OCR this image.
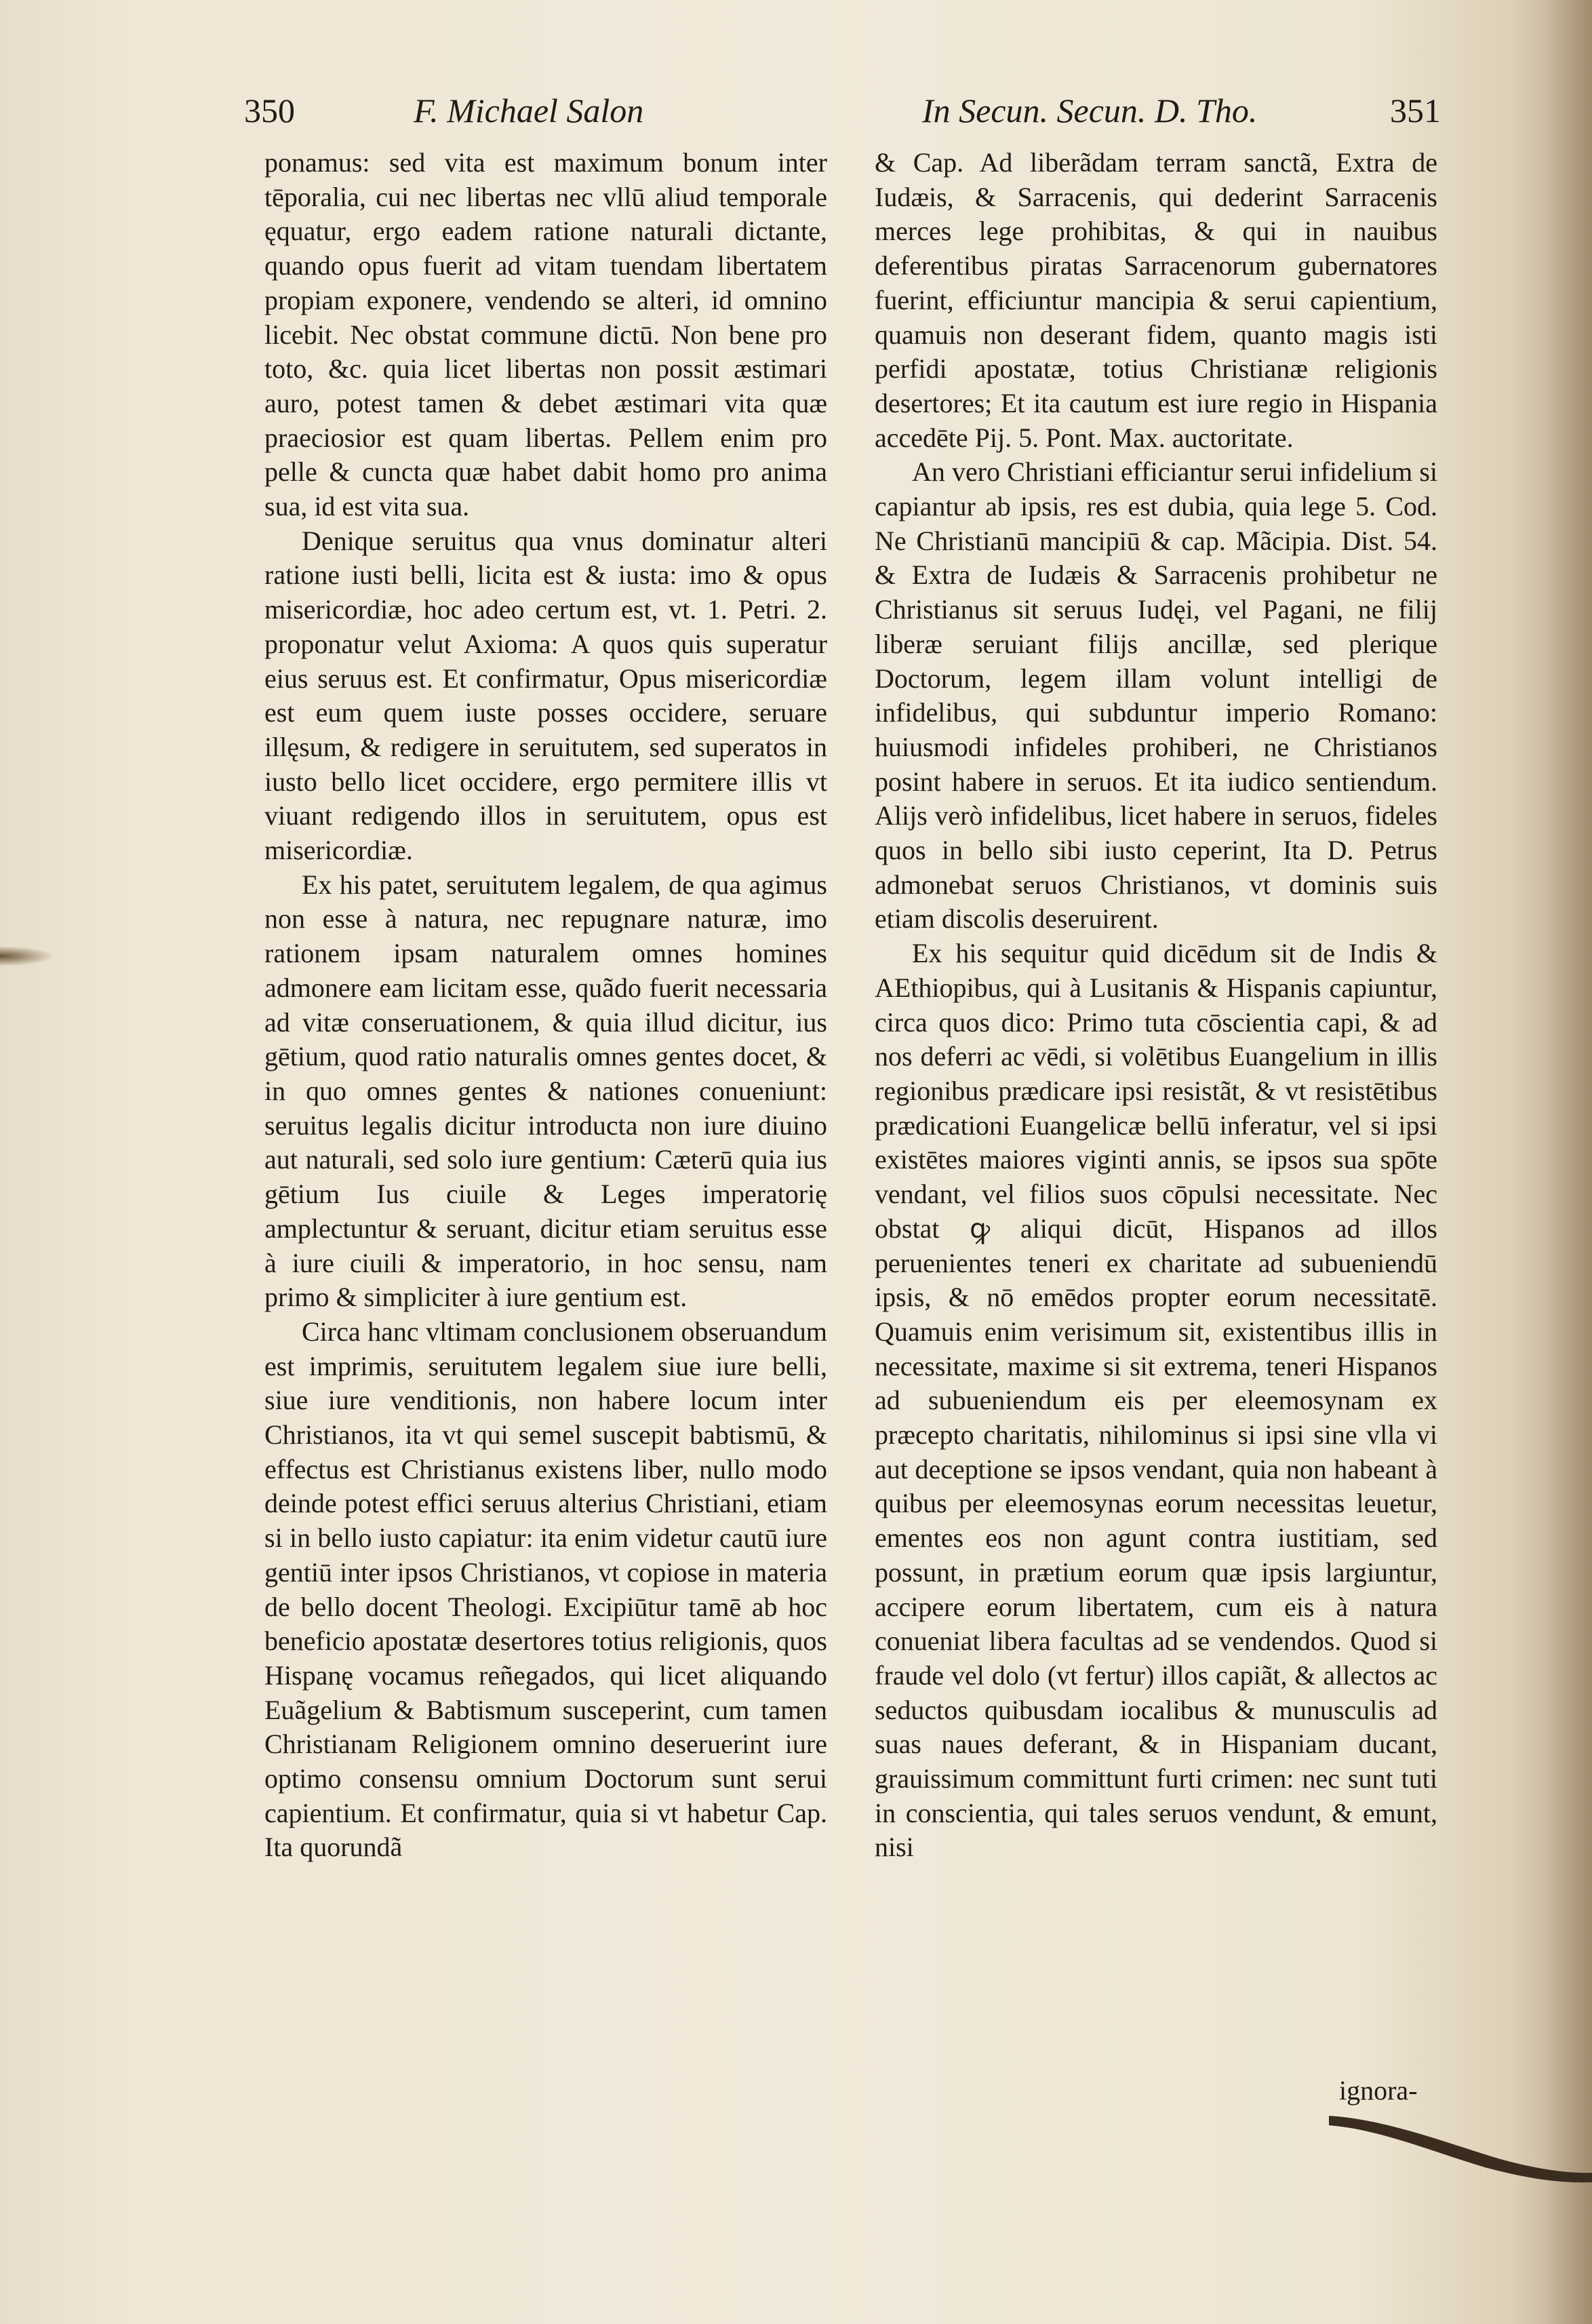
350	F. Michael Salon	In Secun. Secun. D. Tho.	351

ponamus: sed vita est maximum bonum inter tēporalia, cui nec libertas nec vllū aliud temporale ęquatur, ergo eadem ratione naturali dictante, quando opus fuerit ad vitam tuendam libertatem propiam exponere, vendendo se alteri, id omnino licebit. Nec obstat commune dictū. Non bene pro toto, &c. quia licet libertas non possit æstimari auro, potest tamen & debet æstimari vita quæ praeciosior est quam libertas. Pellem enim pro pelle & cuncta quæ habet dabit homo pro anima sua, id est vita sua.

Denique seruitus qua vnus dominatur alteri ratione iusti belli, licita est & iusta: imo & opus misericordiæ, hoc adeo certum est, vt. 1. Petri. 2. proponatur velut Axioma: A quos quis superatur eius seruus est. Et confirmatur, Opus misericordiæ est eum quem iuste posses occidere, seruare illęsum, & redigere in seruitutem, sed superatos in iusto bello licet occidere, ergo permitere illis vt viuant redigendo illos in seruitutem, opus est misericordiæ.

Ex his patet, seruitutem legalem, de qua agimus non esse à natura, nec repugnare naturæ, imo rationem ipsam naturalem omnes homines admonere eam licitam esse, quãdo fuerit necessaria ad vitæ conseruationem, & quia illud dicitur, ius gētium, quod ratio naturalis omnes gentes docet, & in quo omnes gentes & nationes conueniunt: seruitus legalis dicitur introducta non iure diuino aut naturali, sed solo iure gentium: Cæterū quia ius gētium Ius ciuile & Leges imperatorię amplectuntur & seruant, dicitur etiam seruitus esse à iure ciuili & imperatorio, in hoc sensu, nam primo & simpliciter à iure gentium est.

Circa hanc vltimam conclusionem obseruandum est imprimis, seruitutem legalem siue iure belli, siue iure venditionis, non habere locum inter Christianos, ita vt qui semel suscepit babtismū, & effectus est Christianus existens liber, nullo modo deinde potest effici seruus alterius Christiani, etiam si in bello iusto capiatur: ita enim videtur cautū iure gentiū inter ipsos Christianos, vt copiose in materia de bello docent Theologi. Excipiūtur tamē ab hoc beneficio apostatæ desertores totius religionis, quos Hispanę vocamus reñegados, qui licet aliquando Euãgelium & Babtismum susceperint, cum tamen Christianam Religionem omnino deseruerint iure optimo consensu omnium Doctorum sunt serui capientium. Et confirmatur, quia si vt habetur Cap. Ita quorundã

& Cap. Ad liberãdam terram sanctã, Extra de Iudæis, & Sarracenis, qui dederint Sarracenis merces lege prohibitas, & qui in nauibus deferentibus piratas Sarracenorum gubernatores fuerint, efficiuntur mancipia & serui capientium, quamuis non deserant fidem, quanto magis isti perfidi apostatæ, totius Christianæ religionis desertores; Et ita cautum est iure regio in Hispania accedēte Pij. 5. Pont. Max. auctoritate.

An vero Christiani efficiantur serui infidelium si capiantur ab ipsis, res est dubia, quia lege 5. Cod. Ne Christianū mancipiū & cap. Mãcipia. Dist. 54. & Extra de Iudæis & Sarracenis prohibetur ne Christianus sit seruus Iudęi, vel Pagani, ne filij liberæ seruiant filijs ancillæ, sed plerique Doctorum, legem illam volunt intelligi de infidelibus, qui subduntur imperio Romano: huiusmodi infideles prohiberi, ne Christianos posint habere in seruos. Et ita iudico sentiendum. Alijs verò infidelibus, licet habere in seruos, fideles quos in bello sibi iusto ceperint, Ita D. Petrus admonebat seruos Christianos, vt dominis suis etiam discolis deseruirent.

Ex his sequitur quid dicēdum sit de Indis & AEthiopibus, qui à Lusitanis & Hispanis capiuntur, circa quos dico: Primo tuta cōscientia capi, & ad nos deferri ac vēdi, si volētibus Euangelium in illis regionibus prædicare ipsi resistãt, & vt resistētibus prædicationi Euangelicæ bellū inferatur, vel si ipsi existētes maiores viginti annis, se ipsos sua spōte vendant, vel filios suos cōpulsi necessitate. Nec obstat ꝙ aliqui dicūt, Hispanos ad illos peruenientes teneri ex charitate ad subueniendū ipsis, & nō emēdos propter eorum necessitatē. Quamuis enim verisimum sit, existentibus illis in necessitate, maxime si sit extrema, teneri Hispanos ad subueniendum eis per eleemosynam ex præcepto charitatis, nihilominus si ipsi sine vlla vi aut deceptione se ipsos vendant, quia non habeant à quibus per eleemosynas eorum necessitas leuetur, ementes eos non agunt contra iustitiam, sed possunt, in prætium eorum quæ ipsis largiuntur, accipere eorum libertatem, cum eis à natura conueniat libera facultas ad se vendendos. Quod si fraude vel dolo (vt fertur) illos capiãt, & allectos ac seductos quibusdam iocalibus & munusculis ad suas naues deferant, & in Hispaniam ducant, grauissimum committunt furti crimen: nec sunt tuti in conscientia, qui tales seruos vendunt, & emunt, nisi

ignora-
